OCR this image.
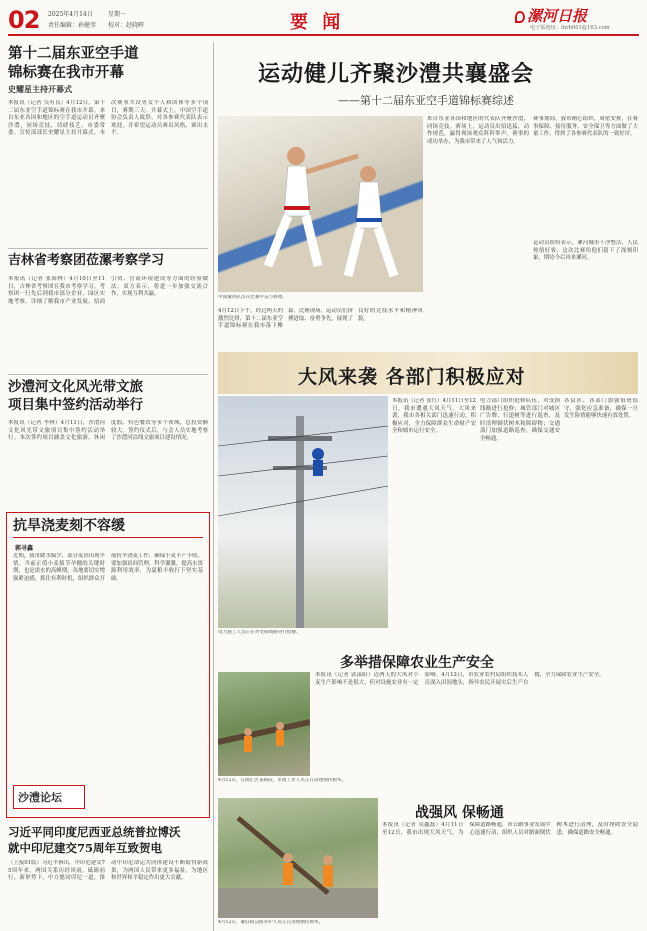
02 2025年4月14日	星期一
责任编辑：孙健莹 校对：赵晓晖	要 闻	漯河日报
电子版地址：lhrb001@163.com
第十二届东亚空手道
锦标赛在我市开幕
史耀星主持开幕式
本报讯（记者 吴有良）4月12日，第十二届东亚空手道锦标赛在我市开幕。来自东亚各国和地区的空手道运动员齐聚沙澧，同场竞技，切磋技艺。市委常委、宣传部部长史耀星主持开幕式。本次赛事共设男女个人和团体等多个项目，赛期三天。开幕式上，中国空手道协会负责人致辞，对各参赛代表队表示欢迎，并希望运动员赛出风格、赛出水平。
吉林省考察团莅漯考察学习
本报讯（记者 张海林）4月10日至11日，吉林省考察团在我市考察学习。考察团一行先后到我市部分企业、园区实地考察，详细了解我市产业发展、招商引资、营商环境建设等方面的经验做法。双方表示，将进一步加强交流合作，实现互利共赢。
沙澧河文化风光带文旅
项目集中签约活动举行
本报讯（记者 李林）4月11日，沙澧河文化风光带文旅项目集中签约活动举行。本次签约项目涵盖文化旅游、休闲度假、特色餐饮等多个领域，总投资额较大。签约仪式后，与会人员实地考察了沙澧河沿线文旅项目建设情况。
抗旱浇麦刻不容缓
郭寻鑫
近期，我市降水偏少，部分麦田出现旱情。当前正值小麦拔节孕穗的关键时期，也是需水的高峰期。各地要切实增强紧迫感，抓住有利时机，组织群众开展抗旱浇麦工作，确保小麦丰产丰收。要加强田间管理，科学灌溉，提高水资源利用效率，为夏粮丰收打下坚实基础。
沙澧论坛
习近平同印度尼西亚总统普拉博沃
就中印尼建交75周年互致贺电
（上接01版）习近平指出，中印尼建交75周年来，两国关系历经风雨，砥砺前行。新形势下，中方愿同印尼一道，推动中印尼命运共同体建设不断取得新成果，为两国人民带来更多福祉，为地区和世界和平稳定作出更大贡献。
运动健儿齐聚沙澧共襄盛会
——第十二届东亚空手道锦标赛综述
中国漯河队员在比赛中奋力拼搏。
4月12日下午，经过两天的激烈比拼，第十二届东亚空手道锦标赛在我市落下帷幕。比赛现场，运动员们拼搏进取、奋勇争先，展现了良好的竞技水平和精神风貌。
来自东亚各国和地区的代表队齐聚沙澧，同场竞技。赛场上，运动员出招迅猛，动作规范，赢得现场观众阵阵掌声。赛事的成功举办，为我市带来了人气和活力。
赛事期间，我市精心组织，周密安排，在赛事保障、接待服务、安全保卫等方面做了大量工作，得到了各参赛代表队的一致好评。
运动员纷纷表示，漯河城市干净整洁，人民热情好客，这次比赛给他们留下了深刻印象，期待今后再来漯河。
大风来袭 各部门积极应对
电力施工人员正在对受损线路进行抢修。
本报讯（记者 张红）4月11日至12日，我市遭遇大风天气。大风来袭，我市各相关部门迅速行动，积极应对，全力保障群众生命财产安全和城市运行安全。
电力部门组织抢修队伍，对受损线路进行抢修；城管部门对城区广告牌、行道树等进行巡查，及时清理倒伏树木和障碍物；交通部门加强道路巡查，确保交通安全畅通。
各县区、各部门加强值班值守，强化应急准备，确保一旦发生险情能够快速有效处置。
多举措保障农业生产安全
本报讯（记者 郭沫阳）近两天的大风对小麦生产影响不是很大，但对设施农业有一定影响。4月12日，市农业农村局组织技术人员深入田间地头，指导农民开展灾后生产自救，全力保障农业生产安全。
4月12日，在源汇区某路段，市政工作人员正在清理倒伏树木。
战强风 保畅通
4月12日，漯驻路公路养护人员正在清理倒伏树木。
本报讯（记者 吴鑫磊）4月11日至12日，我市出现大风天气。为保障道路畅通，市公路事业发展中心迅速行动，组织人员对路面倒伏树木进行清理，及时排除安全隐患，确保道路安全畅通。
